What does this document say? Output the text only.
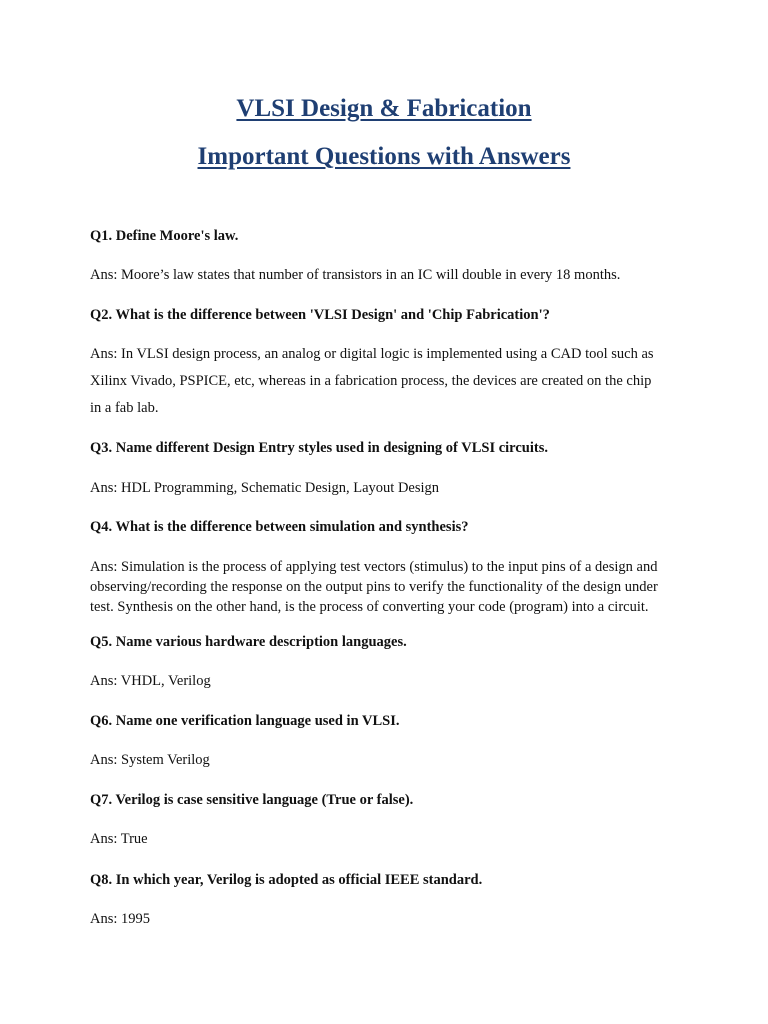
VLSI Design & Fabrication
Important Questions with Answers
Q1. Define Moore's law.
Ans: Moore’s law states that number of transistors in an IC will double in every 18 months.
Q2. What is the difference between 'VLSI Design' and 'Chip Fabrication'?
Ans: In VLSI design process, an analog or digital logic is implemented using a CAD tool such as
Xilinx Vivado, PSPICE, etc, whereas in a fabrication process, the devices are created on the chip
in a fab lab.
Q3. Name different Design Entry styles used in designing of VLSI circuits.
Ans: HDL Programming, Schematic Design, Layout Design
Q4. What is the difference between simulation and synthesis?
Ans: Simulation is the process of applying test vectors (stimulus) to the input pins of a design and
observing/recording the response on the output pins to verify the functionality of the design under
test. Synthesis on the other hand, is the process of converting your code (program) into a circuit.
Q5. Name various hardware description languages.
Ans: VHDL, Verilog
Q6. Name one verification language used in VLSI.
Ans: System Verilog
Q7. Verilog is case sensitive language (True or false).
Ans: True
Q8. In which year, Verilog is adopted as official IEEE standard.
Ans: 1995
